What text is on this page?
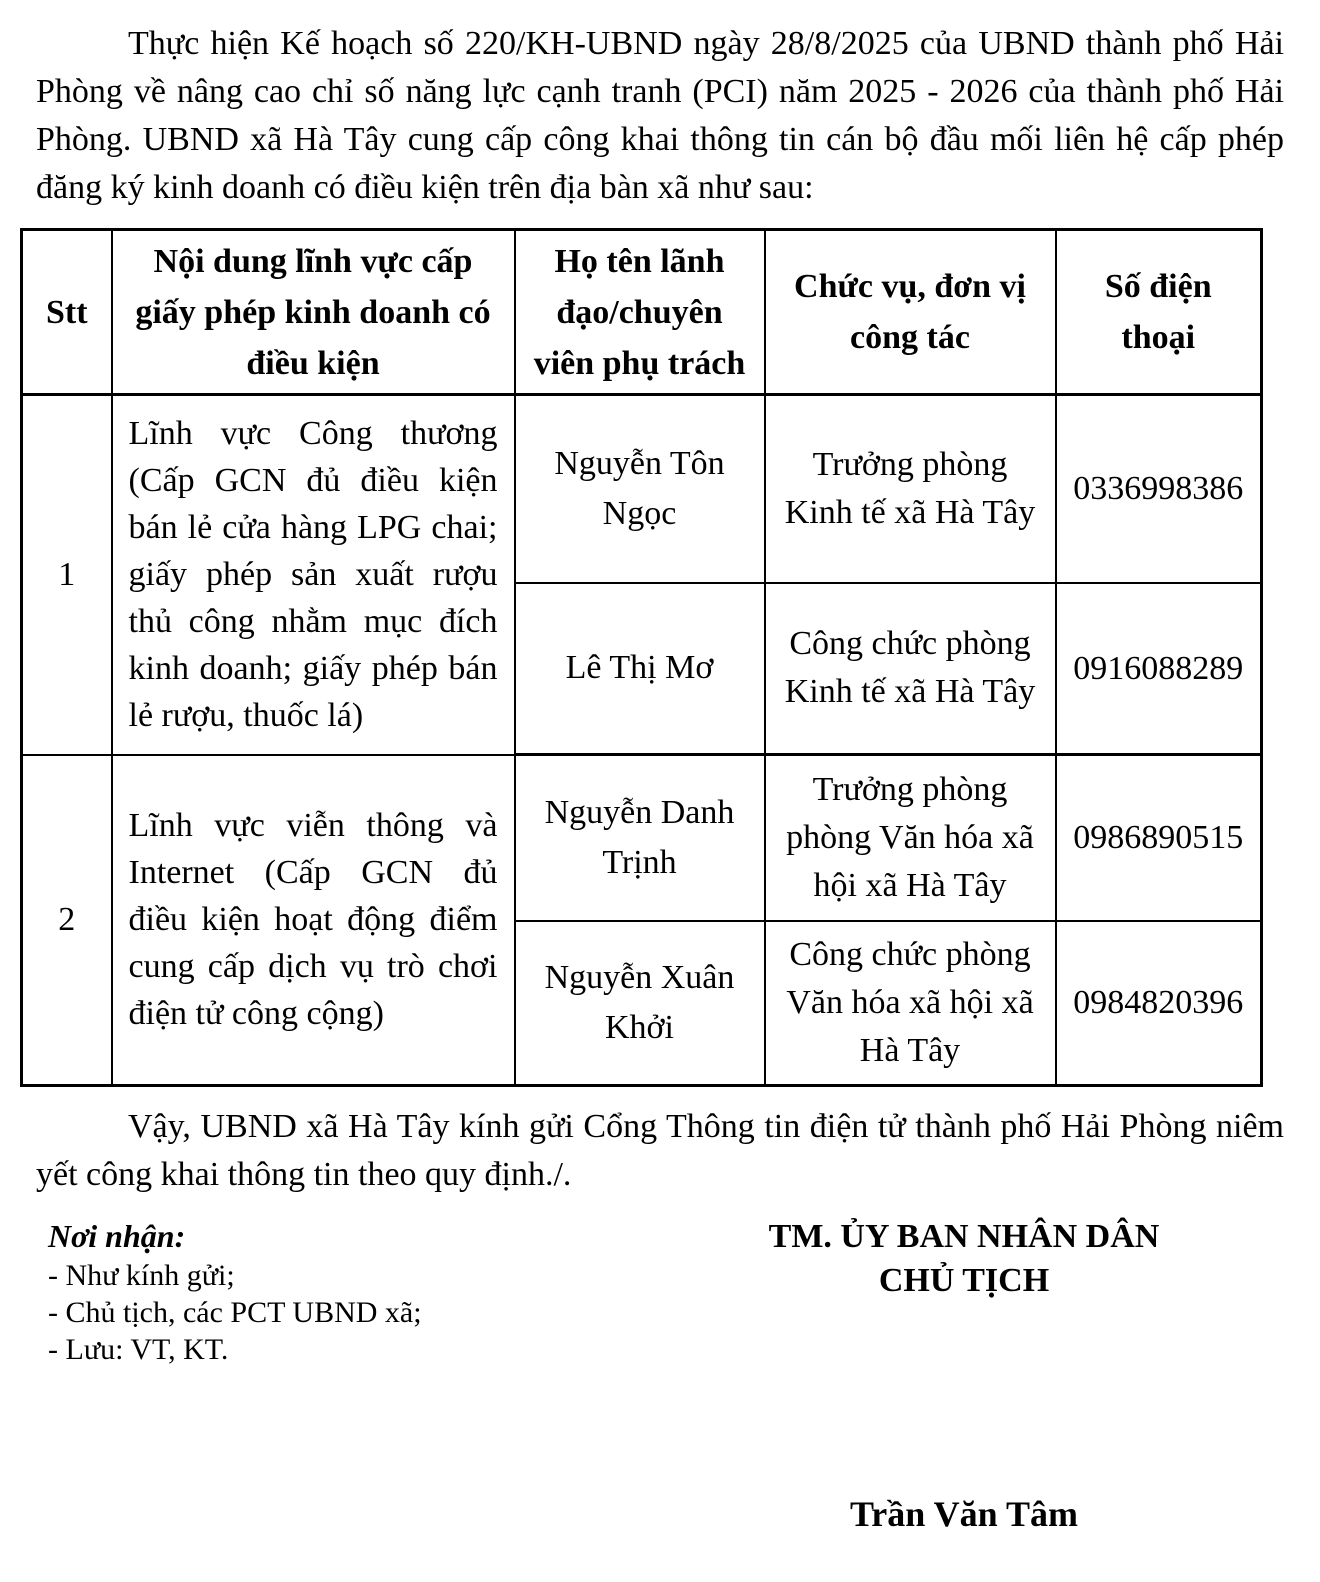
Thực hiện Kế hoạch số 220/KH-UBND ngày 28/8/2025 của UBND thành phố Hải Phòng về nâng cao chỉ số năng lực cạnh tranh (PCI) năm 2025 - 2026 của thành phố Hải Phòng. UBND xã Hà Tây cung cấp công khai thông tin cán bộ đầu mối liên hệ cấp phép đăng ký kinh doanh có điều kiện trên địa bàn xã như sau:

Stt	Nội dung lĩnh vực cấp giấy phép kinh doanh có điều kiện	Họ tên lãnh đạo/chuyên viên phụ trách	Chức vụ, đơn vị công tác	Số điện thoại
1	Lĩnh vực Công thương (Cấp GCN đủ điều kiện bán lẻ cửa hàng LPG chai; giấy phép sản xuất rượu thủ công nhằm mục đích kinh doanh; giấy phép bán lẻ rượu, thuốc lá)	Nguyễn Tôn Ngọc	Trưởng phòng Kinh tế xã Hà Tây	0336998386
		Lê Thị Mơ	Công chức phòng Kinh tế xã Hà Tây	0916088289
2	Lĩnh vực viễn thông và Internet (Cấp GCN đủ điều kiện hoạt động điểm cung cấp dịch vụ trò chơi điện tử công cộng)	Nguyễn Danh Trịnh	Trưởng phòng phòng Văn hóa xã hội xã Hà Tây	0986890515
		Nguyễn Xuân Khởi	Công chức phòng Văn hóa xã hội xã Hà Tây	0984820396

Vậy, UBND xã Hà Tây kính gửi Cổng Thông tin điện tử thành phố Hải Phòng niêm yết công khai thông tin theo quy định./.

Nơi nhận:
- Như kính gửi;
- Chủ tịch, các PCT UBND xã;
- Lưu: VT, KT.
TM. ỦY BAN NHÂN DÂN
CHỦ TỊCH
Trần Văn Tâm
